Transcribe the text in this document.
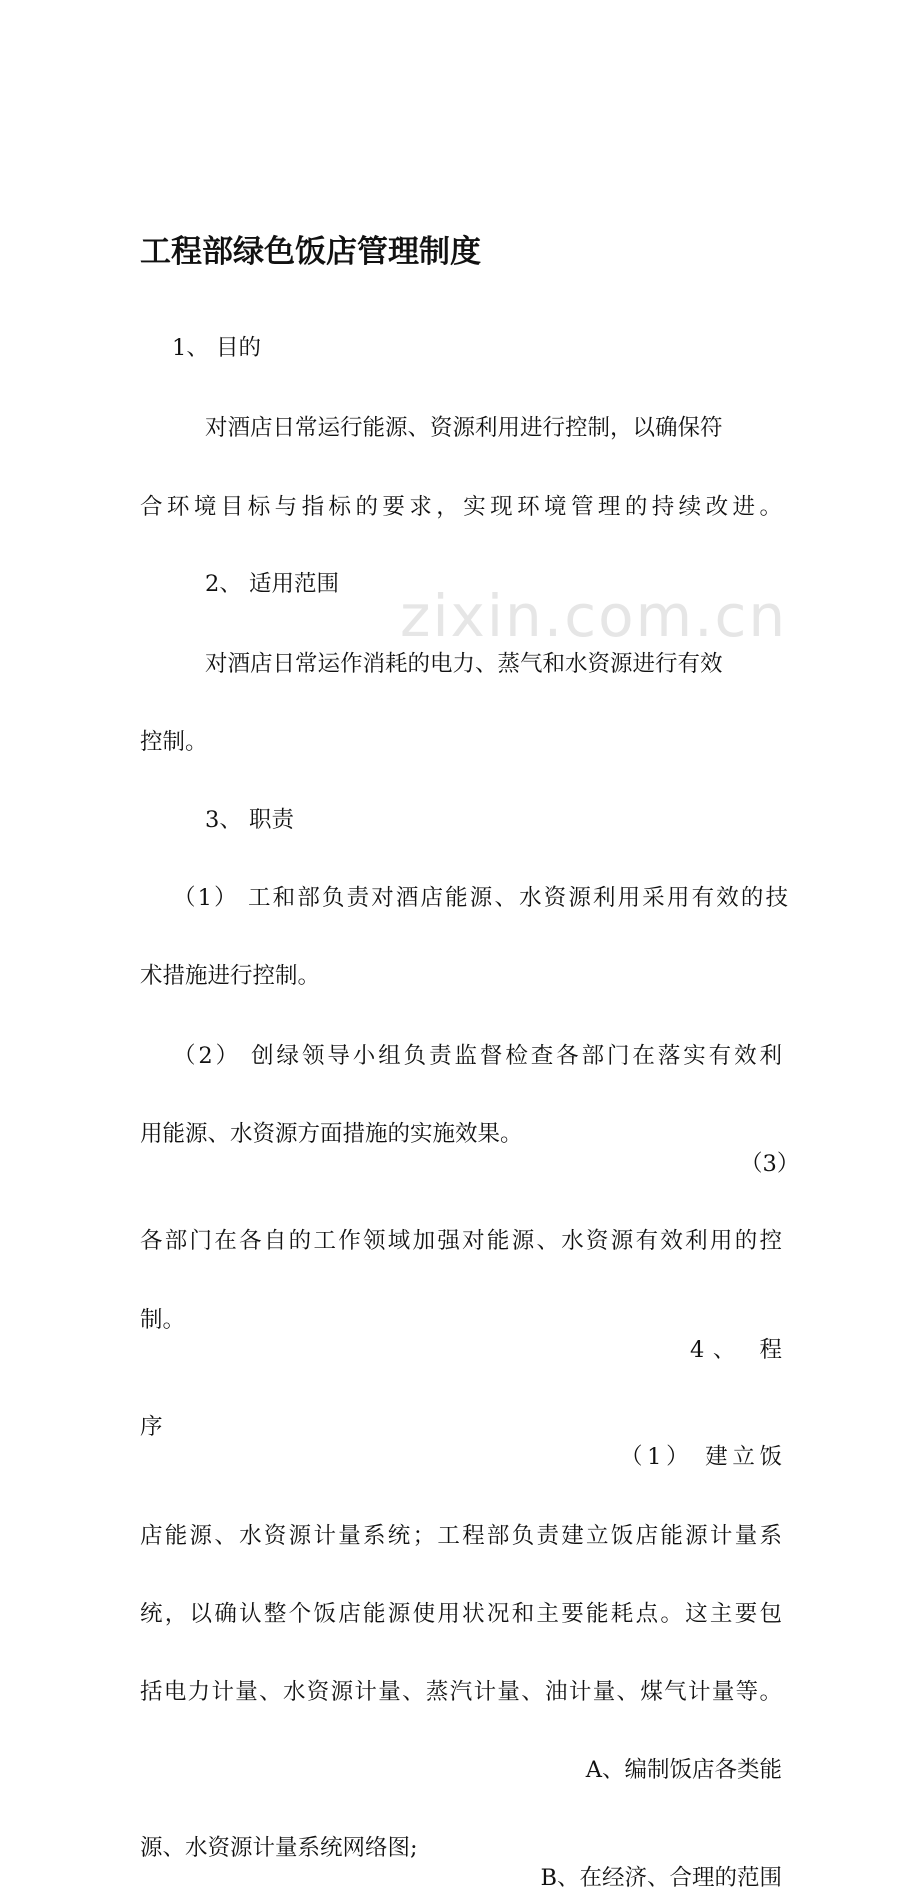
zixin.com.cn
工程部绿色饭店管理制度
1、 目的
对酒店日常运行能源、资源利用进行控制，以确保符
合环境目标与指标的要求，实现环境管理的持续改进。
2、 适用范围
对酒店日常运作消耗的电力、蒸气和水资源进行有效
控制。
3、 职责
（1） 工和部负责对酒店能源、水资源利用采用有效的技
术措施进行控制。
（2） 创绿领导小组负责监督检查各部门在落实有效利
用能源、水资源方面措施的实施效果。
（3）
各部门在各自的工作领域加强对能源、水资源有效利用的控
制。
4、 程
序
（1） 建立饭
店能源、水资源计量系统；工程部负责建立饭店能源计量系
统，以确认整个饭店能源使用状况和主要能耗点。这主要包
括电力计量、水资源计量、蒸汽计量、油计量、煤气计量等。
A、编制饭店各类能
源、水资源计量系统网络图;
B、在经济、合理的范围
